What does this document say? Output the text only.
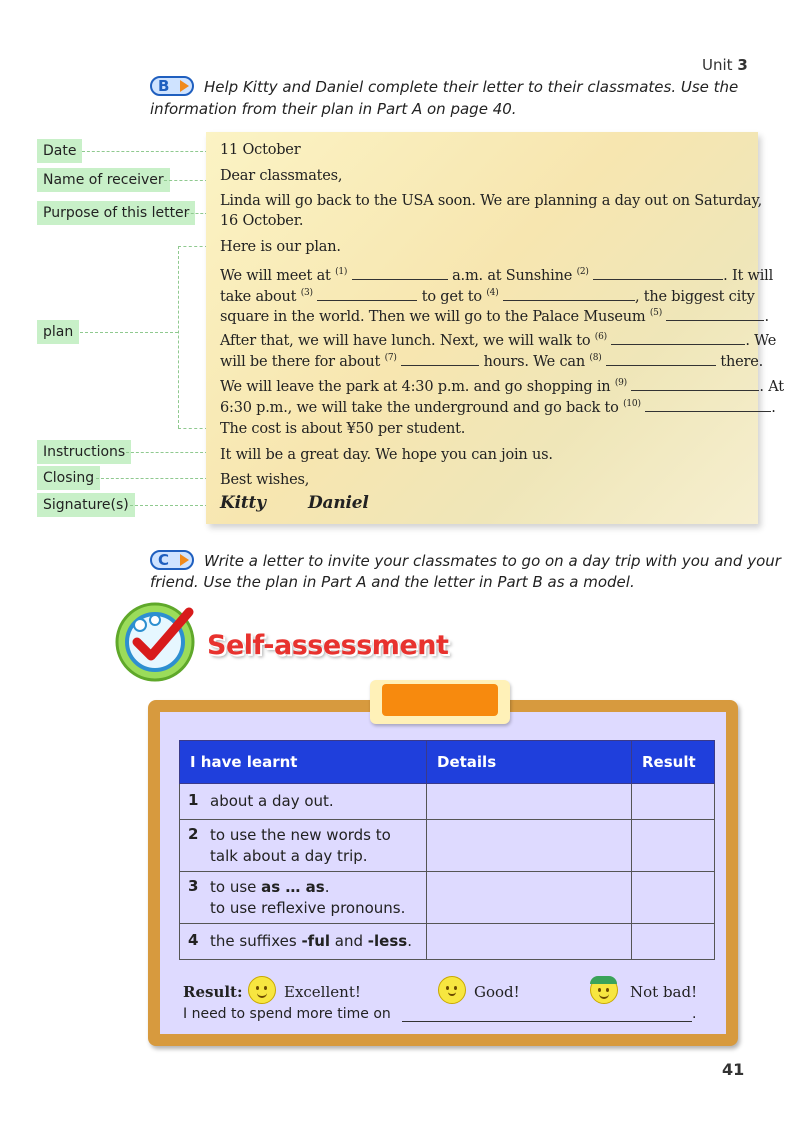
Unit 3
B Help Kitty and Daniel complete their letter to their classmates. Use the
information from their plan in Part A on page 40.
Date
Name of receiver
Purpose of this letter
plan
Instructions
Closing
Signature(s)
11 October
Dear classmates,
Linda will go back to the USA soon. We are planning a day out on Saturday,
16 October.
Here is our plan.
We will meet at $^{(1)}$	a.m. at Sunshine $^{(2)}$	. It will
take about $^{(3)}$	to get to $^{(4)}$	, the biggest city
square in the world. Then we will go to the Palace Museum $^{(5)}$	.
After that, we will have lunch. Next, we will walk to $^{(6)}$	. We
will be there for about $^{(7)}$	hours. We can $^{(8)}$	there.
We will leave the park at 4:30 p.m. and go shopping in $^{(9)}$	. At
6:30 p.m., we will take the underground and go back to $^{(10)}$	.
The cost is about ¥50 per student.
It will be a great day. We hope you can join us.
Best wishes,
Kitty Daniel
C Write a letter to invite your classmates to go on a day trip with you and your
friend. Use the plan in Part A and the letter in Part B as a model.
Self-assessment
I have learnt	Details	Result
1 about a day out.		
2 to use the new words to
talk about a day trip.		
3 to use as … as.
to use reflexive pronouns.		
4 the suffixes -ful and -less.		
Result:	Excellent!	Good!	Not bad!
I need to spend more time on	.
41
